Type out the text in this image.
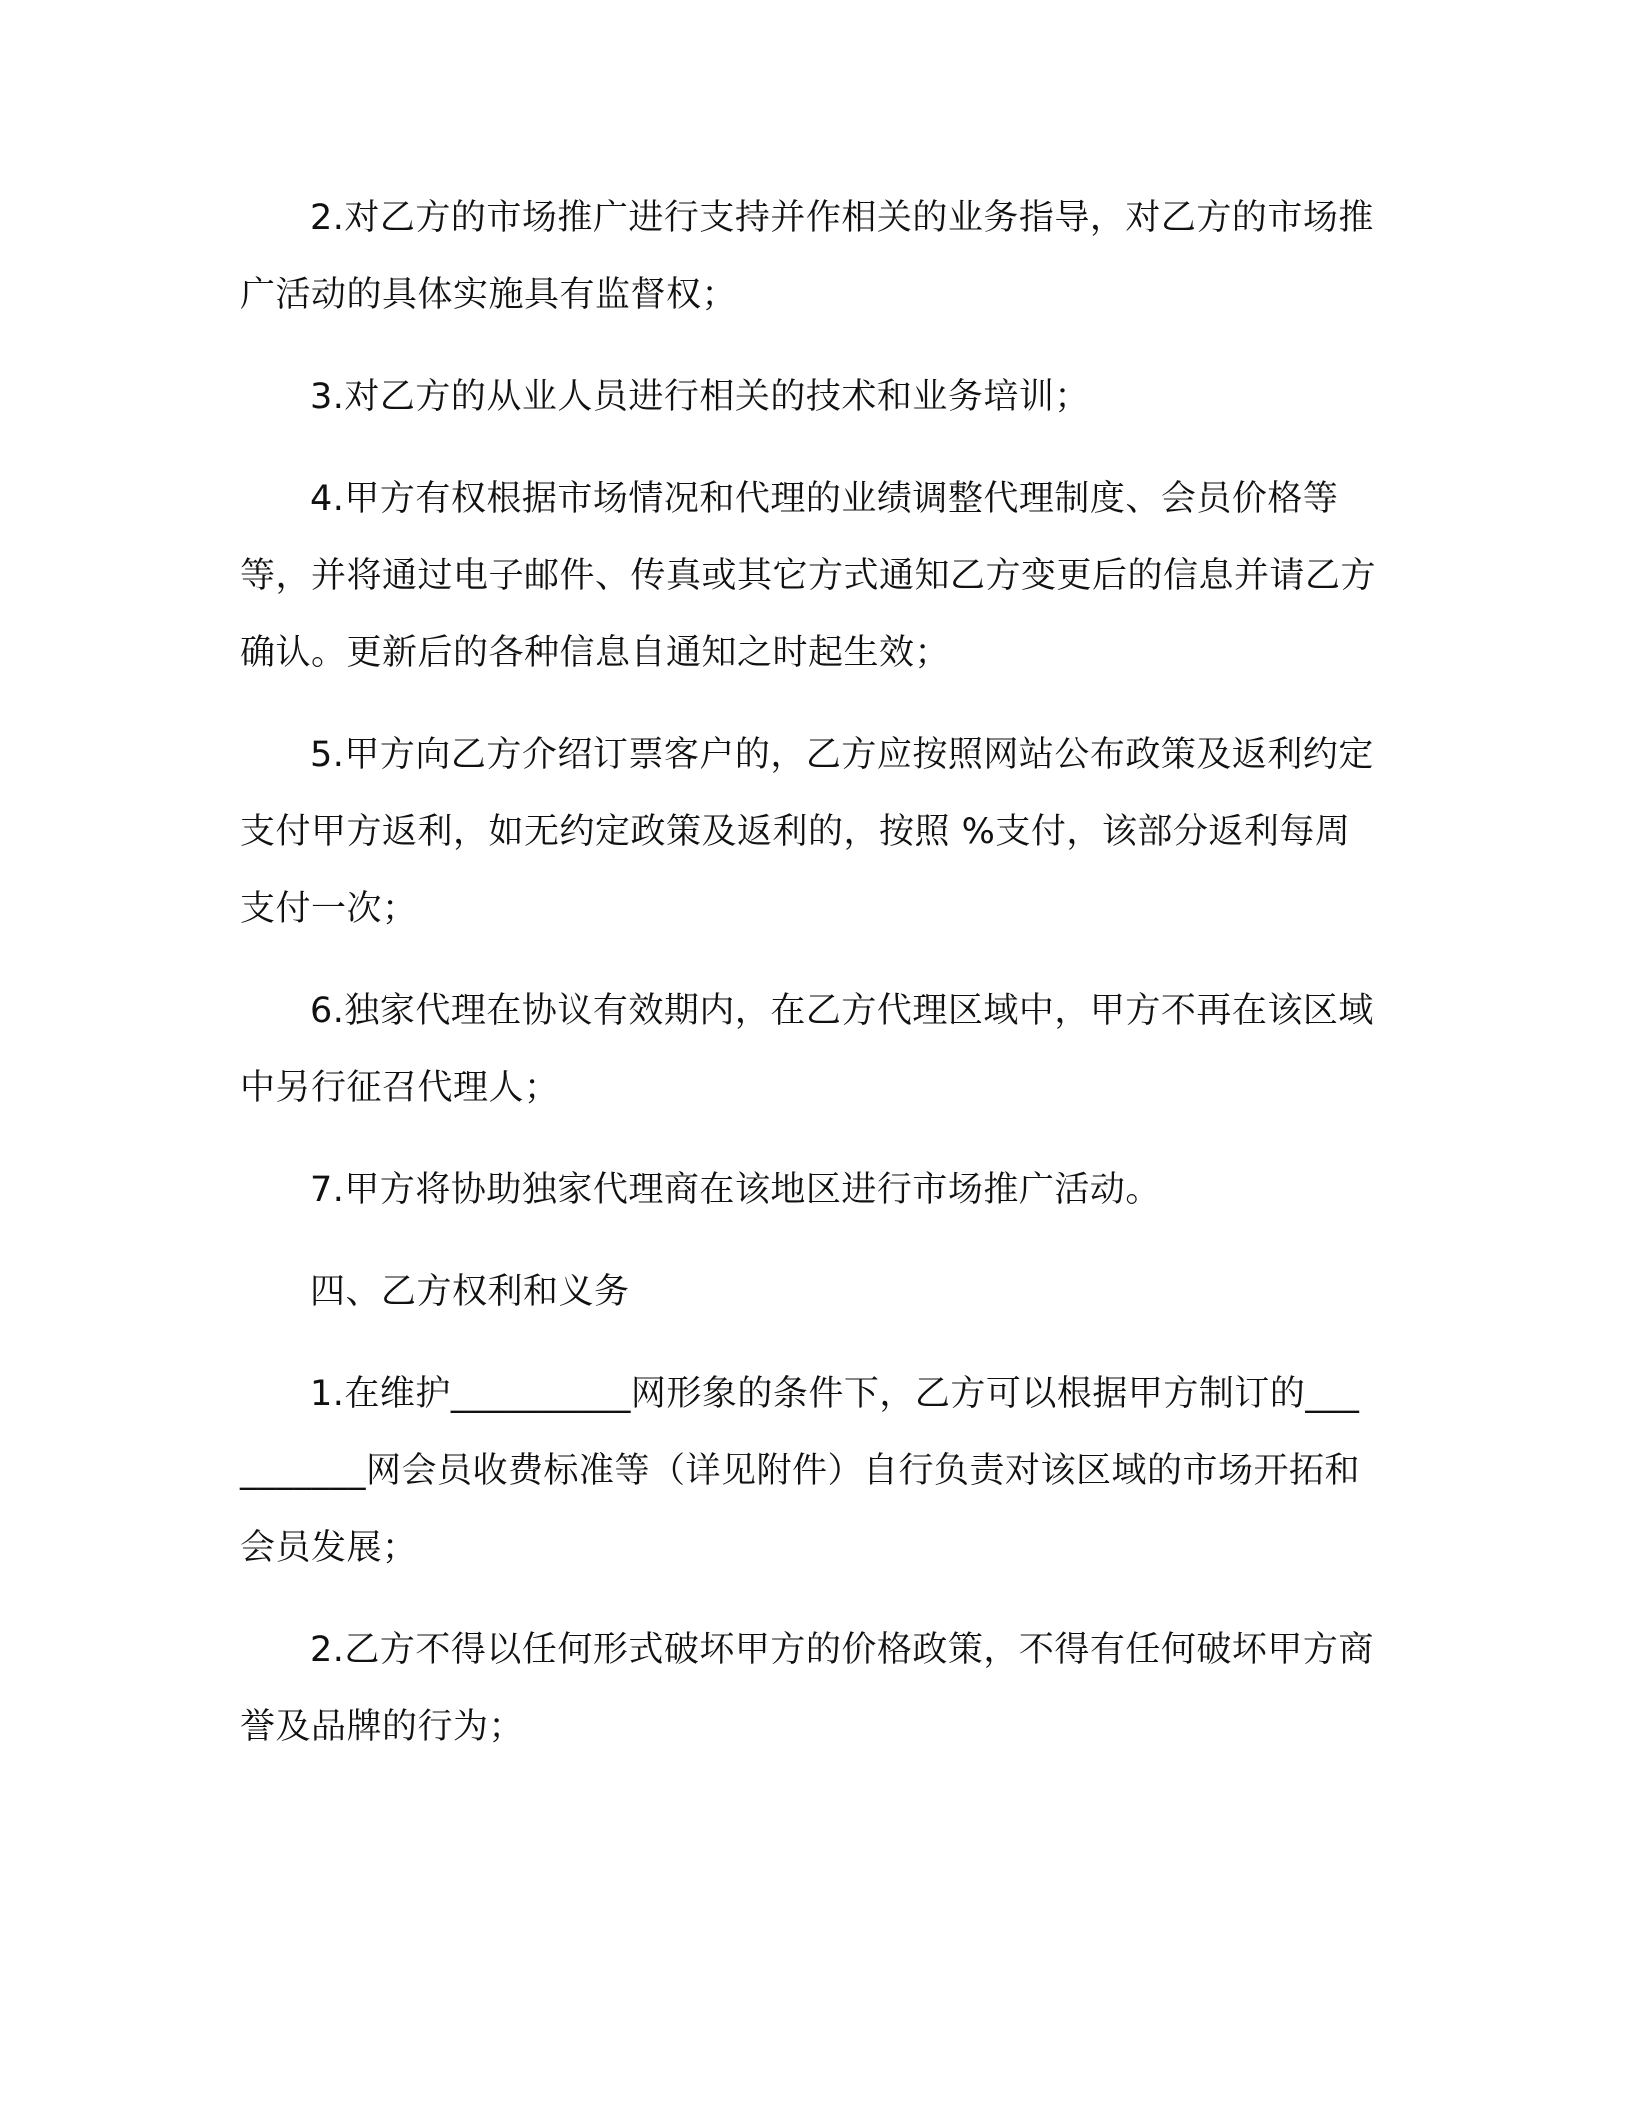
2.对乙方的市场推广进行支持并作相关的业务指导，对乙方的市场推广活动的具体实施具有监督权；

3.对乙方的从业人员进行相关的技术和业务培训；

4.甲方有权根据市场情况和代理的业绩调整代理制度、会员价格等等，并将通过电子邮件、传真或其它方式通知乙方变更后的信息并请乙方确认。更新后的各种信息自通知之时起生效；

5.甲方向乙方介绍订票客户的，乙方应按照网站公布政策及返利约定支付甲方返利，如无约定政策及返利的，按照 %支付，该部分返利每周支付一次；

6.独家代理在协议有效期内，在乙方代理区域中，甲方不再在该区域中另行征召代理人；

7.甲方将协助独家代理商在该地区进行市场推广活动。

四、乙方权利和义务

1.在维护__________网形象的条件下，乙方可以根据甲方制订的__________网会员收费标准等（详见附件）自行负责对该区域的市场开拓和会员发展；

2.乙方不得以任何形式破坏甲方的价格政策，不得有任何破坏甲方商誉及品牌的行为；
